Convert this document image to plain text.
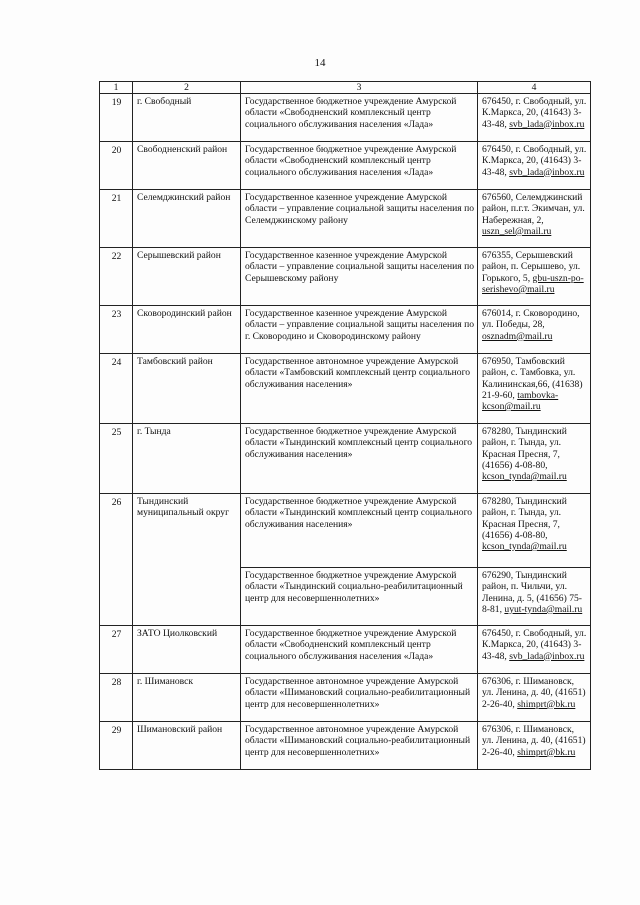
14
1	2	3	4
19	г. Свободный	Государственное бюджетное учреждение Амурской области «Свободненский комплексный центр социального обслуживания населения «Лада»	676450, г. Свободный, ул. К.Маркса, 20, (41643) 3-43-48, svb_lada@inbox.ru
20	Свободненский район	Государственное бюджетное учреждение Амурской области «Свободненский комплексный центр социального обслуживания населения «Лада»	676450, г. Свободный, ул. К.Маркса, 20, (41643) 3-43-48, svb_lada@inbox.ru
21	Селемджинский район	Государственное казенное учреждение Амурской области – управление социальной защиты населения по Селемджинскому району	676560, Селемджинский район, п.г.т. Экимчан, ул. Набережная, 2, uszn_sel@mail.ru
22	Серышевский район	Государственное казенное учреждение Амурской области – управление социальной защиты населения по Серышевскому району	676355, Серышевский район, п. Серышево, ул. Горького, 5, gbu-uszn-po-serishevo@mail.ru
23	Сковородинский район	Государственное казенное учреждение Амурской области – управление социальной защиты населения по г. Сковородино и Сковородинскому району	676014, г. Сковородино, ул. Победы, 28, osznadm@mail.ru
24	Тамбовский район	Государственное автономное учреждение Амурской области «Тамбовский комплексный центр социального обслуживания населения»	676950, Тамбовский район, с. Тамбовка, ул. Калининская,66, (41638) 21-9-60, tambovka-kcson@mail.ru
25	г. Тында	Государственное бюджетное учреждение Амурской области «Тындинский комплексный центр социального обслуживания населения»	678280, Тындинский район, г. Тында, ул. Красная Пресня, 7, (41656) 4-08-80, kcson_tynda@mail.ru
26	Тындинский муниципальный округ	Государственное бюджетное учреждение Амурской области «Тындинский комплексный центр социального обслуживания населения»	678280, Тындинский район, г. Тында, ул. Красная Пресня, 7, (41656) 4-08-80, kcson_tynda@mail.ru
		Государственное бюджетное учреждение Амурской области «Тындинский социально-реабилитационный центр для несовершеннолетних»	676290, Тындинский район, п. Чильчи, ул. Ленина, д. 5, (41656) 75-8-81, uyut-tynda@mail.ru
27	ЗАТО Циолковский	Государственное бюджетное учреждение Амурской области «Свободненский комплексный центр социального обслуживания населения «Лада»	676450, г. Свободный, ул. К.Маркса, 20, (41643) 3-43-48, svb_lada@inbox.ru
28	г. Шимановск	Государственное автономное учреждение Амурской области «Шимановский социально-реабилитационный центр для несовершеннолетних»	676306, г. Шимановск, ул. Ленина, д. 40, (41651) 2-26-40, shimprt@bk.ru
29	Шимановский район	Государственное автономное учреждение Амурской области «Шимановский социально-реабилитационный центр для несовершеннолетних»	676306, г. Шимановск, ул. Ленина, д. 40, (41651) 2-26-40, shimprt@bk.ru
